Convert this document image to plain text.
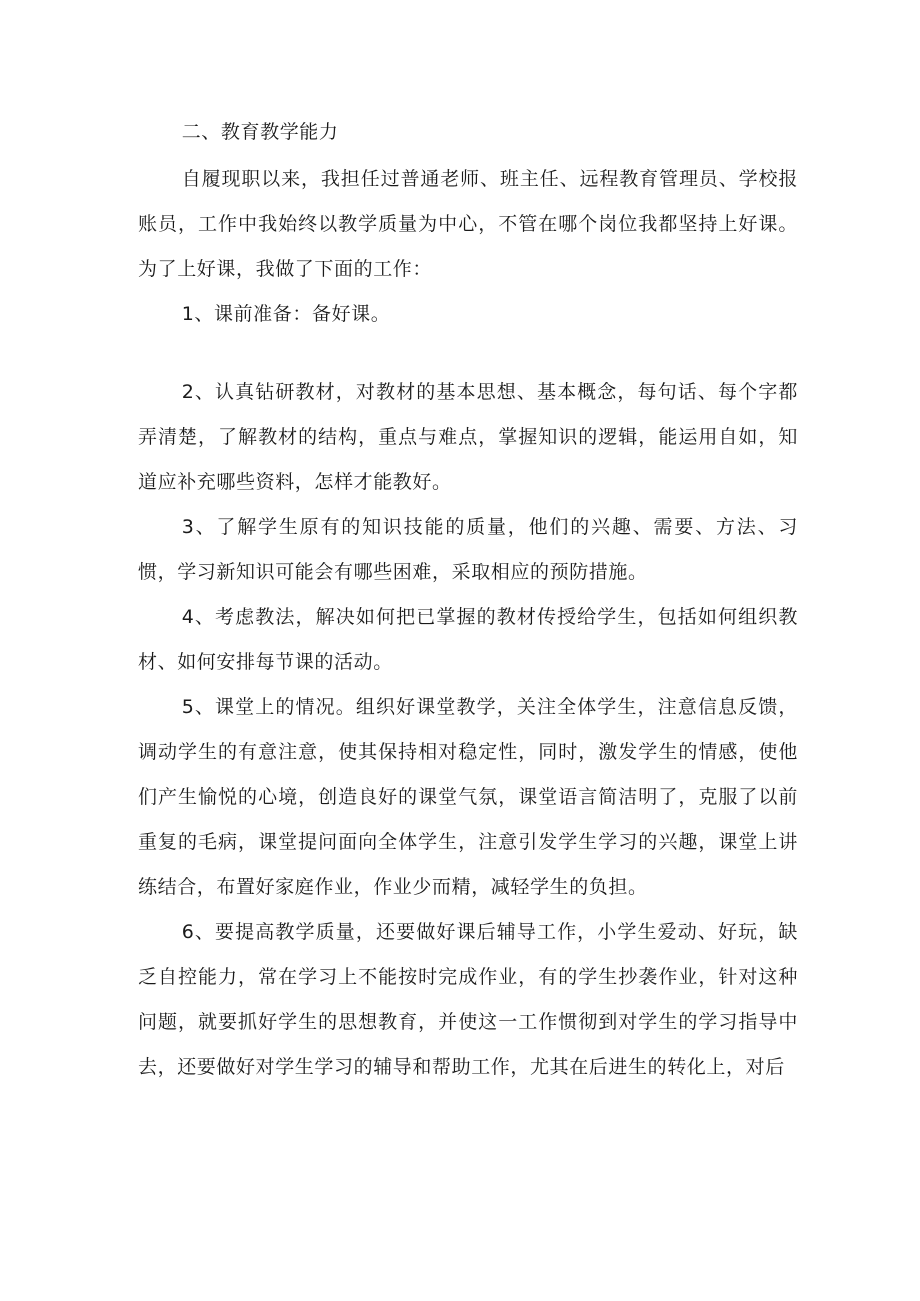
二、教育教学能力

自履现职以来，我担任过普通老师、班主任、远程教育管理员、学校报账员，工作中我始终以教学质量为中心，不管在哪个岗位我都坚持上好课。为了上好课，我做了下面的工作：

1、课前准备：备好课。

2、认真钻研教材，对教材的基本思想、基本概念，每句话、每个字都弄清楚，了解教材的结构，重点与难点，掌握知识的逻辑，能运用自如，知道应补充哪些资料，怎样才能教好。

3、了解学生原有的知识技能的质量，他们的兴趣、需要、方法、习惯，学习新知识可能会有哪些困难，采取相应的预防措施。

4、考虑教法，解决如何把已掌握的教材传授给学生，包括如何组织教材、如何安排每节课的活动。

5、课堂上的情况。组织好课堂教学，关注全体学生，注意信息反馈，调动学生的有意注意，使其保持相对稳定性，同时，激发学生的情感，使他们产生愉悦的心境，创造良好的课堂气氛，课堂语言简洁明了，克服了以前重复的毛病，课堂提问面向全体学生，注意引发学生学习的兴趣，课堂上讲练结合，布置好家庭作业，作业少而精，减轻学生的负担。

6、要提高教学质量，还要做好课后辅导工作，小学生爱动、好玩，缺乏自控能力，常在学习上不能按时完成作业，有的学生抄袭作业，针对这种问题，就要抓好学生的思想教育，并使这一工作惯彻到对学生的学习指导中去，还要做好对学生学习的辅导和帮助工作，尤其在后进生的转化上，对后
